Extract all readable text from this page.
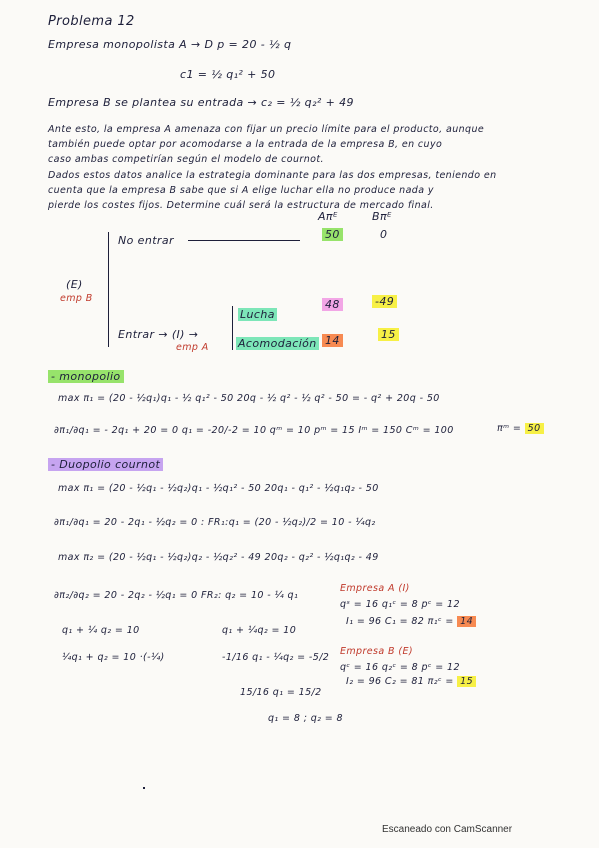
Problema 12
Empresa monopolista A → D p = 20 - ½ q
c1 = ½ q₁² + 50
Empresa B se plantea su entrada → c₂ = ½ q₂² + 49
Ante esto, la empresa A amenaza con fijar un precio límite para el producto, aunque
también puede optar por acomodarse a la entrada de la empresa B, en cuyo
caso ambas competirían según el modelo de cournot.
Dados estos datos analice la estrategia dominante para las dos empresas, teniendo en
cuenta que la empresa B sabe que si A elige luchar ella no produce nada y
pierde los costes fijos. Determine cuál será la estructura de mercado final.
Aπᴱ	Bπᴱ
No entrar	50	0
(E)
emp B
Entrar → (I) →
emp A
Lucha
Acomodación
48	-49
14	15
- monopolio
max π₁ = (20 - ½q₁)q₁ - ½ q₁² - 50 20q - ½ q² - ½ q² - 50 = - q² + 20q - 50
∂π₁/∂q₁ = - 2q₁ + 20 = 0 q₁ = -20/-2 = 10 qᵐ = 10 pᵐ = 15 Iᵐ = 150 Cᵐ = 100	πᵐ = 50
- Duopolio cournot
max π₁ = (20 - ½q₁ - ½q₂)q₁ - ½q₁² - 50 20q₁ - q₁² - ½q₁q₂ - 50
∂π₁/∂q₁ = 20 - 2q₁ - ½q₂ = 0 : FR₁:q₁ = (20 - ½q₂)/2 = 10 - ¼q₂
max π₂ = (20 - ½q₁ - ½q₂)q₂ - ½q₂² - 49 20q₂ - q₂² - ½q₁q₂ - 49
∂π₂/∂q₂ = 20 - 2q₂ - ½q₁ = 0 FR₂: q₂ = 10 - ¼ q₁
q₁ + ¼ q₂ = 10	q₁ + ¼q₂ = 10
¼q₁ + q₂ = 10 ·(-¼)	-1/16 q₁ - ¼q₂ = -5/2
15/16 q₁ = 15/2
q₁ = 8 ; q₂ = 8
Empresa A (I)
qˢ = 16 q₁ᶜ = 8 pᶜ = 12
I₁ = 96 C₁ = 82 π₁ᶜ = 14
Empresa B (E)
qᶜ = 16 q₂ᶜ = 8 pᶜ = 12
I₂ = 96 C₂ = 81 π₂ᶜ = 15
Escaneado con CamScanner
